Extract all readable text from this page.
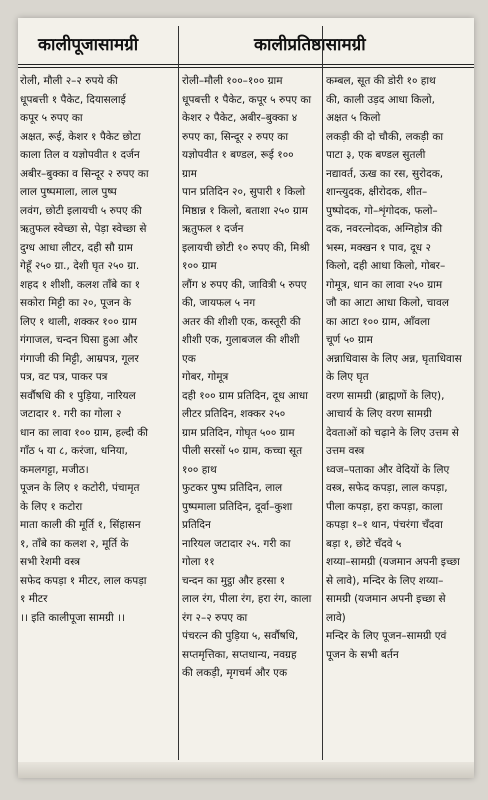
कालीपूजासामग्री	कालीप्रतिष्ठासामग्री
रोली, मौली २–२ रुपये की
धूपबत्ती १ पैकेट, दियासलाई
कपूर ५ रुपए का
अक्षत, रूई, केशर १ पैकेट छोटा
काला तिल व यज्ञोपवीत १ दर्जन
अबीर–बुक्का व सिन्दूर २ रुपए का
लाल पुष्पमाला, लाल पुष्प
लवंग, छोटी इलायची ५ रुपए की
ऋतुफल स्वेच्छा से, पेड़ा स्वेच्छा से
दुग्ध आधा लीटर, दही सौ ग्राम
गेहूँ २५० ग्रा., देशी घृत २५० ग्रा.
शहद १ शीशी, कलश ताँबे का १
सकोरा मिट्टी का २०, पूजन के
लिए १ थाली, शक्कर १०० ग्राम
गंगाजल, चन्दन घिसा हुआ और
गंगाजी की मिट्टी, आम्रपत्र, गूलर
पत्र, वट पत्र, पाकर पत्र
सर्वौषधि की १ पुड़िया, नारियल
जटादार १. गरी का गोला २
धान का लावा १०० ग्राम, हल्दी की
गाँठ ५ या ८, करंजा, धनिया,
कमलगट्टा, मजीठ।
पूजन के लिए १ कटोरी, पंचामृत
के लिए १ कटोरा
माता काली की मूर्ति १, सिंहासन
१, ताँबे का कलश २, मूर्ति के
सभी रेशमी वस्त्र
सफेद कपड़ा १ मीटर, लाल कपड़ा
१ मीटर
।। इति कालीपूजा सामग्री ।।
रोली–मौली १००–१०० ग्राम
धूपबत्ती १ पैकेट, कपूर ५ रुपए का
केशर २ पैकेट, अबीर–बुक्का ४
रुपए का, सिन्दूर २ रुपए का
यज्ञोपवीत १ बण्डल, रूई १००
ग्राम
पान प्रतिदिन २०, सुपारी १ किलो
मिष्ठान्न १ किलो, बताशा २५० ग्राम
ऋतुफल १ दर्जन
इलायची छोटी १० रुपए की, मिश्री
१०० ग्राम
लौंग ४ रुपए की, जावित्री ५ रुपए
की, जायफल ५ नग
अतर की शीशी एक, कस्तूरी की
शीशी एक, गुलाबजल की शीशी
एक
गोबर, गोमूत्र
दही १०० ग्राम प्रतिदिन, दूध आधा
लीटर प्रतिदिन, शक्कर २५०
ग्राम प्रतिदिन, गोघृत ५०० ग्राम
पीली सरसों ५० ग्राम, कच्चा सूत
१०० हाथ
फुटकर पुष्प प्रतिदिन, लाल
पुष्पमाला प्रतिदिन, दूर्वा–कुशा
प्रतिदिन
नारियल जटादार २५. गरी का
गोला ११
चन्दन का मुट्ठा और हरसा १
लाल रंग, पीला रंग, हरा रंग, काला
रंग २–२ रुपए का
पंचरत्न की पुड़िया ५, सर्वौषधि,
सप्तमृत्तिका, सप्तधान्य, नवग्रह
की लकड़ी, मृगचर्म और एक
कम्बल, सूत की डोरी १० हाथ
की, काली उड़द आधा किलो,
अक्षत ५ किलो
लकड़ी की दो चौकी, लकड़ी का
पाटा ३, एक बण्डल सुतली
नद्यावर्त, ऊख का रस, सुरोदक,
शान्त्युदक, क्षीरोदक, शीत–
पुष्पोदक, गो–शृंगोदक, फलो–
दक, नवरत्नोदक, अग्निहोत्र की
भस्म, मक्खन १ पाव, दूध २
किलो, दही आधा किलो, गोबर–
गोमूत्र, धान का लावा २५० ग्राम
जौ का आटा आधा किलो, चावल
का आटा १०० ग्राम, आँवला
चूर्ण ५० ग्राम
अन्नाधिवास के लिए अन्न, घृताधिवास
के लिए घृत
वरण सामग्री (ब्राह्मणों के लिए),
आचार्य के लिए वरण सामग्री
देवताओं को चढ़ाने के लिए उत्तम से
उत्तम वस्त्र
ध्वज–पताका और वेदियों के लिए
वस्त्र, सफेद कपड़ा, लाल कपड़ा,
पीला कपड़ा, हरा कपड़ा, काला
कपड़ा १–१ थान, पंचरंगा चँदवा
बड़ा १, छोटे चँदवे ५
शय्या–सामग्री (यजमान अपनी इच्छा
से लावे), मन्दिर के लिए शय्या–
सामग्री (यजमान अपनी इच्छा से
लावे)
मन्दिर के लिए पूजन–सामग्री एवं
पूजन के सभी बर्तन
